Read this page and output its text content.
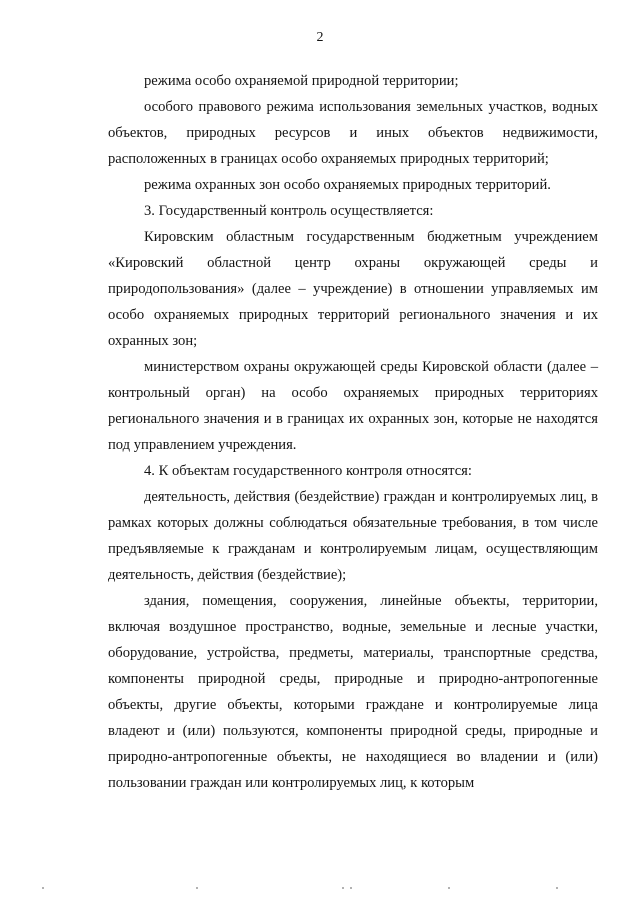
2

режима особо охраняемой природной территории;

особого правового режима использования земельных участков, водных объектов, природных ресурсов и иных объектов недвижимости, расположенных в границах особо охраняемых природных территорий;

режима охранных зон особо охраняемых природных территорий.

3. Государственный контроль осуществляется:

Кировским областным государственным бюджетным учреждением «Кировский областной центр охраны окружающей среды и природопользования» (далее – учреждение) в отношении управляемых им особо охраняемых природных территорий регионального значения и их охранных зон;

министерством охраны окружающей среды Кировской области (далее – контрольный орган) на особо охраняемых природных территориях регионального значения и в границах их охранных зон, которые не находятся под управлением учреждения.

4. К объектам государственного контроля относятся:

деятельность, действия (бездействие) граждан и контролируемых лиц, в рамках которых должны соблюдаться обязательные требования, в том числе предъявляемые к гражданам и контролируемым лицам, осуществляющим деятельность, действия (бездействие);

здания, помещения, сооружения, линейные объекты, территории, включая воздушное пространство, водные, земельные и лесные участки, оборудование, устройства, предметы, материалы, транспортные средства, компоненты природной среды, природные и природно-антропогенные объекты, другие объекты, которыми граждане и контролируемые лица владеют и (или) пользуются, компоненты природной среды, природные и природно-антропогенные объекты, не находящиеся во владении и (или) пользовании граждан или контролируемых лиц, к которым
